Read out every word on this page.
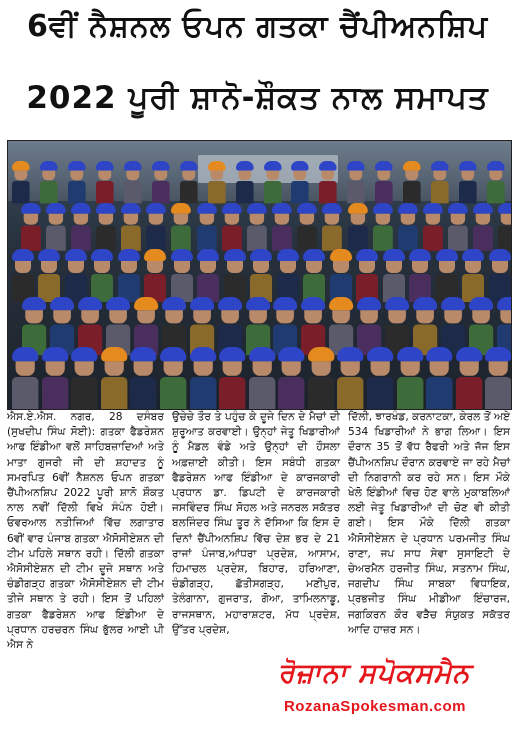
6ਵੀਂ ਨੈਸ਼ਨਲ ਓਪਨ ਗਤਕਾ ਚੈਂਪੀਅਨਸ਼ਿਪ
2022 ਪੂਰੀ ਸ਼ਾਨੋ-ਸ਼ੌਕਤ ਨਾਲ ਸਮਾਪਤ

ਐਸ.ਏ.ਐਸ. ਨਗਰ, 28 ਦਸੰਬਰ (ਸੁਖਦੀਪ ਸਿੰਘ ਸੋਈ): ਗਤਕਾ ਫੈਡਰੇਸ਼ਨ ਆਫ ਇੰਡੀਆ ਵਲੋਂ ਸਾਹਿਬਜ਼ਾਦਿਆਂ ਅਤੇ ਮਾਤਾ ਗੁਜਰੀ ਜੀ ਦੀ ਸ਼ਹਾਦਤ ਨੂੰ ਸਮਰਪਿਤ 6ਵੀਂ ਨੈਸ਼ਨਲ ਓਪਨ ਗਤਕਾ ਚੈਂਪੀਅਨਸ਼ਿਪ 2022 ਪੂਰੀ ਸ਼ਾਨੋ ਸ਼ੌਕਤ ਨਾਲ ਨਵੀਂ ਦਿੱਲੀ ਵਿਖੇ ਸੰਪੰਨ ਹੋਈ। ਓਵਰਆਲ ਨਤੀਜਿਆਂ ਵਿੱਚ ਲਗਾਤਾਰ 6ਵੀਂ ਵਾਰ ਪੰਜਾਬ ਗਤਕਾ ਐਸੋਸੀਏਸ਼ਨ ਦੀ ਟੀਮ ਪਹਿਲੇ ਸਥਾਨ ਰਹੀ। ਦਿੱਲੀ ਗਤਕਾ ਐਸੋਸੀਏਸ਼ਨ ਦੀ ਟੀਮ ਦੂਜੇ ਸਥਾਨ ਅਤੇ ਚੰਡੀਗੜ੍ਹ ਗਤਕਾ ਐਸੋਸੀਏਸ਼ਨ ਦੀ ਟੀਮ ਤੀਜੇ ਸਥਾਨ ਤੇ ਰਹੀ। ਇਸ ਤੋਂ ਪਹਿਲਾਂ ਗਤਕਾ ਫੈਡਰੇਸ਼ਨ ਆਫ ਇੰਡੀਆ ਦੇ ਪ੍ਰਧਾਨ ਹਰਚਰਨ ਸਿੰਘ ਭੁੱਲਰ ਆਈ ਪੀ ਐਸ ਨੇ

ਉਚੇਚੇ ਤੌਰ ਤੇ ਪਹੁੰਚ ਕੇ ਦੂਜੇ ਦਿਨ ਦੇ ਮੈਚਾਂ ਦੀ ਸ਼ੁਰੂਆਤ ਕਰਵਾਈ। ਉਨ੍ਹਾਂ ਜੇਤੂ ਖਿਡਾਰੀਆਂ ਨੂੰ ਮੈਡਲ ਵੰਡੇ ਅਤੇ ਉਨ੍ਹਾਂ ਦੀ ਹੌਸਲਾ ਅਫ਼ਜ਼ਾਈ ਕੀਤੀ। ਇਸ ਸਬੰਧੀ ਗਤਕਾ ਫੈਡਰੇਸ਼ਨ ਆਫ ਇੰਡੀਆ ਦੇ ਕਾਰਜਕਾਰੀ ਪ੍ਰਧਾਨ ਡਾ. ਡਿਪਟੀ ਦੇ ਕਾਰਜਕਾਰੀ ਜਸਵਿੰਦਰ ਸਿੰਘ ਸੋਹਲ ਅਤੇ ਜਨਰਲ ਸਕੱਤਰ ਬਲਜਿੰਦਰ ਸਿੰਘ ਤੂਰ ਨੇ ਦੱਸਿਆ ਕਿ ਇਸ ਦੋ ਦਿਨਾਂ ਚੈਂਪੀਅਨਸ਼ਿਪ ਵਿੱਚ ਦੇਸ਼ ਭਰ ਦੇ 21 ਰਾਜਾਂ ਪੰਜਾਬ,ਆਂਧਰਾ ਪ੍ਰਦੇਸ਼, ਆਸਾਮ, ਹਿਮਾਚਲ ਪ੍ਰਦੇਸ਼, ਬਿਹਾਰ, ਹਰਿਆਣਾ, ਚੰਡੀਗੜ੍ਹ, ਛੱਤੀਸਗੜ੍ਹ, ਮਣੀਪੁਰ, ਤੇਲੰਗਾਨਾ, ਗੁਜਰਾਤ, ਗੋਆ, ਤਾਮਿਲਨਾਡੂ, ਰਾਜਸਥਾਨ, ਮਹਾਰਾਸ਼ਟਰ, ਮੱਧ ਪ੍ਰਦੇਸ਼, ਉੱਤਰ ਪ੍ਰਦੇਸ਼,

ਦਿੱਲੀ, ਝਾਰਖੰਡ, ਕਰਨਾਟਕਾ, ਕੇਰਲ ਤੋਂ ਅਏ 534 ਖਿਡਾਰੀਆਂ ਨੇ ਭਾਗ ਲਿਆ। ਇਸ ਦੌਰਾਨ 35 ਤੋਂ ਵੱਧ ਰੈਫਰੀ ਅਤੇ ਜੱਜ ਇਸ ਚੈਂਪੀਅਨਸ਼ਿਪ ਦੌਰਾਨ ਕਰਵਾਏ ਜਾ ਰਹੇ ਮੈਚਾਂ ਦੀ ਨਿਗਰਾਨੀ ਕਰ ਰਹੇ ਸਨ। ਇਸ ਮੌਕੇ ਖੇਲੋ ਇੰਡੀਆਂ ਵਿਚ ਹੋਣ ਵਾਲੇ ਮੁਕਾਬਲਿਆਂ ਲਈ ਜੇਤੂ ਖਿਡਾਰੀਆਂ ਦੀ ਚੋਣ ਵੀ ਕੀਤੀ ਗਈ। ਇਸ ਮੌਕੇ ਦਿੱਲੀ ਗਤਕਾ ਐਸੋਸੀਏਸ਼ਨ ਦੇ ਪ੍ਰਧਾਨ ਪਰਮਜੀਤ ਸਿੰਘ ਰਾਣਾ, ਜਪ ਸਾਧ ਸੇਵਾ ਸੁਸਾਇਟੀ ਦੇ ਚੇਅਰਮੈਨ ਹਰਜੀਤ ਸਿੰਘ, ਸਤਨਾਮ ਸਿੰਘ, ਜਗਦੀਪ ਸਿੰਘ ਸਾਬਕਾ ਵਿਧਾਇਕ, ਪ੍ਰਭਜੀਤ ਸਿੰਘ ਮੀਡੀਆ ਇੰਚਾਰਜ, ਜਗਕਿਰਨ ਕੌਰ ਵੜੈਚ ਸੰਯੁਕਤ ਸਕੱਤਰ ਆਦਿ ਹਾਜ਼ਰ ਸਨ।

ਰੋਜ਼ਾਨਾ ਸਪੋਕਸਮੈਨ
RozanaSpokesman.com
